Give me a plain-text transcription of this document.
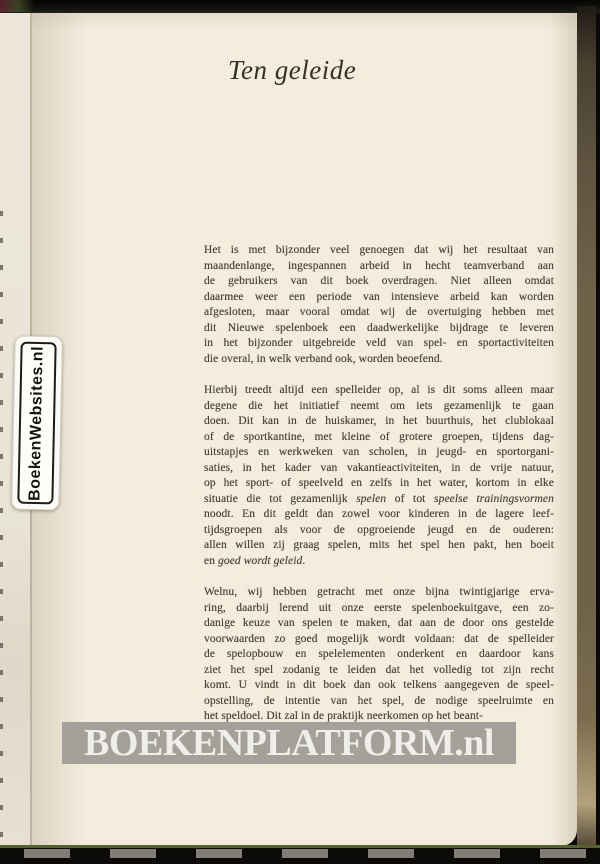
Ten geleide

Het is met bijzonder veel genoegen dat wij het resultaat van
maandenlange, ingespannen arbeid in hecht teamverband aan
de gebruikers van dit boek overdragen. Niet alleen omdat
daarmee weer een periode van intensieve arbeid kan worden
afgesloten, maar vooral omdat wij de overtuiging hebben met
dit Nieuwe spelenboek een daadwerkelijke bijdrage te leveren
in het bijzonder uitgebreide veld van spel- en sportactiviteiten
die overal, in welk verband ook, worden beoefend.

Hierbij treedt altijd een spelleider op, al is dit soms alleen maar
degene die het initiatief neemt om iets gezamenlijk te gaan
doen. Dit kan in de huiskamer, in het buurthuis, het clublokaal
of de sportkantine, met kleine of grotere groepen, tijdens dag-
uitstapjes en werkweken van scholen, in jeugd- en sportorgani-
saties, in het kader van vakantieactiviteiten, in de vrije natuur,
op het sport- of speelveld en zelfs in het water, kortom in elke
situatie die tot gezamenlijk spelen of tot speelse trainingsvormen
noodt. En dit geldt dan zowel voor kinderen in de lagere leef-
tijdsgroepen als voor de opgroeiende jeugd en de ouderen:
allen willen zij graag spelen, mits het spel hen pakt, hen boeit
en goed wordt geleid.

Welnu, wij hebben getracht met onze bijna twintigjarige erva-
ring, daarbij lerend uit onze eerste spelenboekuitgave, een zo-
danige keuze van spelen te maken, dat aan de door ons gestelde
voorwaarden zo goed mogelijk wordt voldaan: dat de spelleider
de spelopbouw en spelelementen onderkent en daardoor kans
ziet het spel zodanig te leiden dat het volledig tot zijn recht
komt. U vindt in dit boek dan ook telkens aangegeven de speel-
opstelling, de intentie van het spel, de nodige speelruimte en
het speldoel. Dit zal in de praktijk neerkomen op het beant-

BoekenWebsites.nl
BOEKENPLATFORM.nl
